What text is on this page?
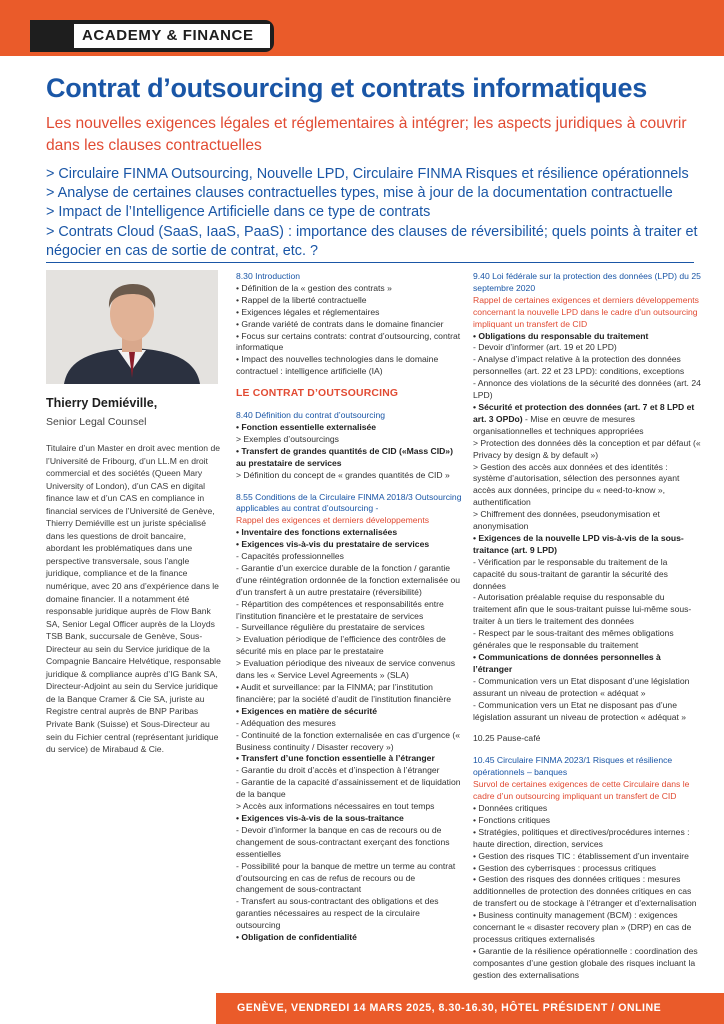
ACADEMY & FINANCE
Contrat d’outsourcing et contrats informatiques
Les nouvelles exigences légales et réglementaires à intégrer; les aspects juridiques à couvrir dans les clauses contractuelles
> Circulaire FINMA Outsourcing, Nouvelle LPD, Circulaire FINMA Risques et résilience opérationnels
> Analyse de certaines clauses contractuelles types, mise à jour de la documentation contractuelle
> Impact de l’Intelligence Artificielle dans ce type de contrats
> Contrats Cloud (SaaS, IaaS, PaaS) : importance des clauses de réversibilité; quels points à traiter et négocier en cas de sortie de contrat, etc. ?
Thierry Demiéville,
Senior Legal Counsel
Titulaire d’un Master en droit avec mention de l’Université de Fribourg, d’un LL.M en droit commercial et des sociétés (Queen Mary University of London), d’un CAS en digital finance law et d’un CAS en compliance in financial services de l’Université de Genève, Thierry Demiéville est un juriste spécialisé dans les questions de droit bancaire, abordant les problématiques dans une perspective transversale, sous l’angle juridique, compliance et de la finance numérique, avec 20 ans d’expérience dans le domaine financier. Il a notamment été responsable juridique auprès de Flow Bank SA, Senior Legal Officer auprès de la Lloyds TSB Bank, succursale de Genève, Sous- Directeur au sein du Service juridique de la Compagnie Bancaire Helvétique, responsable juridique & compliance auprès d’IG Bank SA, Directeur-Adjoint au sein du Service juridique de la Banque Cramer & Cie SA, juriste au Registre central auprès de BNP Paribas Private Bank (Suisse) et Sous-Directeur au sein du Fichier central (représentant juridique du service) de Mirabaud & Cie.

8.30 Introduction

• Définition de la « gestion des contrats »

• Rappel de la liberté contractuelle

• Exigences légales et réglementaires

• Grande variété de contrats dans le domaine financier

• Focus sur certains contrats: contrat d’outsourcing, contrat informatique

• Impact des nouvelles technologies dans le domaine contractuel : intelligence artificielle (IA)

LE CONTRAT D’OUTSOURCING

8.40 Définition du contrat d’outsourcing

• Fonction essentielle externalisée

> Exemples d’outsourcings

• Transfert de grandes quantités de CID («Mass CID») au prestataire de services

> Définition du concept de « grandes quantités de CID »

8.55 Conditions de la Circulaire FINMA 2018/3 Outsourcing applicables au contrat d’outsourcing -

Rappel des exigences et derniers développements

• Inventaire des fonctions externalisées

• Exigences vis-à-vis du prestataire de services

- Capacités professionnelles

- Garantie d’un exercice durable de la fonction / garantie d’une réintégration ordonnée de la fonction externalisée ou d’un transfert à un autre prestataire (réversibilité)

- Répartition des compétences et responsabilités entre l’institution financière et le prestataire de services

- Surveillance régulière du prestataire de services

> Evaluation périodique de l’efficience des contrôles de sécurité mis en place par le prestataire

> Evaluation périodique des niveaux de service convenus dans les « Service Level Agreements » (SLA)

• Audit et surveillance: par la FINMA; par l’institution financière; par la société d’audit de l’institution financière

• Exigences en matière de sécurité

- Adéquation des mesures

- Continuité de la fonction externalisée en cas d’urgence (« Business continuity / Disaster recovery »)

• Transfert d’une fonction essentielle à l’étranger

- Garantie du droit d’accès et d’inspection à l’étranger

- Garantie de la capacité d’assainissement et de liquidation de la banque

> Accès aux informations nécessaires en tout temps

• Exigences vis-à-vis de la sous-traitance

- Devoir d’informer la banque en cas de recours ou de changement de sous-contractant exerçant des fonctions essentielles

- Possibilité pour la banque de mettre un terme au contrat d’outsourcing en cas de refus de recours ou de changement de sous-contractant

- Transfert au sous-contractant des obligations et des garanties nécessaires au respect de la circulaire outsourcing

• Obligation de confidentialité

9.40 Loi fédérale sur la protection des données (LPD) du 25 septembre 2020

Rappel de certaines exigences et derniers développements concernant la nouvelle LPD dans le cadre d’un outsourcing impliquant un transfert de CID

• Obligations du responsable du traitement

- Devoir d’informer (art. 19 et 20 LPD)

- Analyse d’impact relative à la protection des données personnelles (art. 22 et 23 LPD): conditions, exceptions

- Annonce des violations de la sécurité des données (art. 24 LPD)

• Sécurité et protection des données (art. 7 et 8 LPD et art. 3 OPDo) - Mise en œuvre de mesures organisationnelles et techniques appropriées

> Protection des données dès la conception et par défaut (« Privacy by design & by default »)

> Gestion des accès aux données et des identités : système d’autorisation, sélection des personnes ayant accès aux données, principe du « need-to-know », authentification

> Chiffrement des données, pseudonymisation et anonymisation

• Exigences de la nouvelle LPD vis-à-vis de la sous-traitance (art. 9 LPD)

- Vérification par le responsable du traitement de la capacité du sous-traitant de garantir la sécurité des données

- Autorisation préalable requise du responsable du traitement afin que le sous-traitant puisse lui-même sous-traiter à un tiers le traitement des données

- Respect par le sous-traitant des mêmes obligations générales que le responsable du traitement

• Communications de données personnelles à l’étranger

- Communication vers un Etat disposant d’une législation assurant un niveau de protection « adéquat »

- Communication vers un Etat ne disposant pas d’une législation assurant un niveau de protection « adéquat »

10.25 Pause-café

10.45 Circulaire FINMA 2023/1 Risques et résilience opérationnels – banques

Survol de certaines exigences de cette Circulaire dans le cadre d’un outsourcing impliquant un transfert de CID

• Données critiques

• Fonctions critiques

• Stratégies, politiques et directives/procédures internes : haute direction, direction, services

• Gestion des risques TIC : établissement d’un inventaire

• Gestion des cyberrisques : processus critiques

• Gestion des risques des données critiques : mesures additionnelles de protection des données critiques en cas de transfert ou de stockage à l’étranger et d’externalisation

• Business continuity management (BCM) : exigences concernant le « disaster recovery plan » (DRP) en cas de processus critiques externalisés

• Garantie de la résilience opérationnelle : coordination des composantes d’une gestion globale des risques incluant la gestion des externalisations

GENÈVE, VENDREDI 14 MARS 2025, 8.30-16.30, HÔTEL PRÉSIDENT / ONLINE
